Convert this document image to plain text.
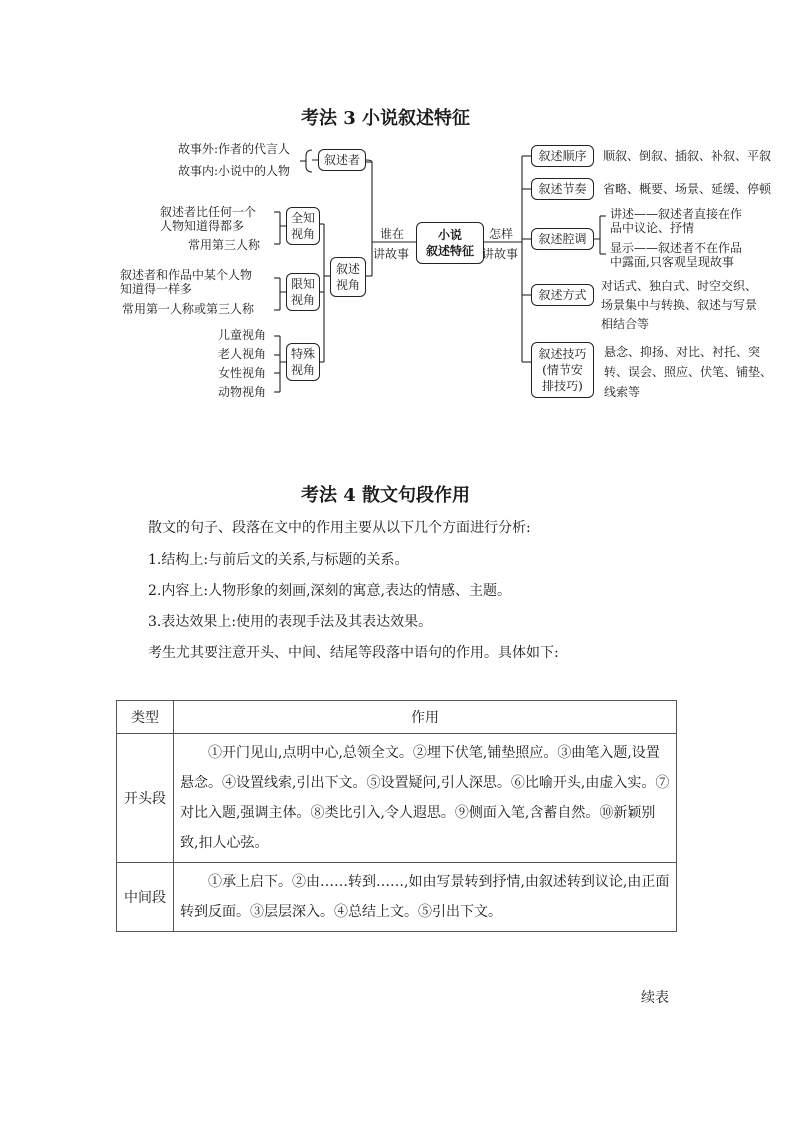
考法 3 小说叙述特征
小说
叙述特征
谁在
讲故事
怎样
讲故事
叙述者
故事外:作者的代言人
故事内:小说中的人物
叙述
视角
全知
视角
叙述者比任何一个
人物知道得都多
常用第三人称
限知
视角
叙述者和作品中某个人物
知道得一样多
常用第一人称或第三人称
特殊
视角
儿童视角
老人视角
女性视角
动物视角
叙述顺序 顺叙、倒叙、插叙、补叙、平叙
叙述节奏 省略、概要、场景、延缓、停顿
叙述腔调
讲述——叙述者直接在作
品中议论、抒情
显示——叙述者不在作品
中露面,只客观呈现故事
叙述方式
对话式、独白式、时空交织、
场景集中与转换、叙述与写景
相结合等
叙述技巧
(情节安
排技巧)
悬念、抑扬、对比、衬托、突
转、误会、照应、伏笔、铺垫、
线索等
考法 4 散文句段作用
散文的句子、段落在文中的作用主要从以下几个方面进行分析:
1.结构上:与前后文的关系,与标题的关系。
2.内容上:人物形象的刻画,深刻的寓意,表达的情感、主题。
3.表达效果上:使用的表现手法及其表达效果。
考生尤其要注意开头、中间、结尾等段落中语句的作用。具体如下:
类型	作用
开头段	①开门见山,点明中心,总领全文。②埋下伏笔,铺垫照应。③曲笔入题,设置悬念。④设置线索,引出下文。⑤设置疑问,引人深思。⑥比喻开头,由虚入实。⑦对比入题,强调主体。⑧类比引入,令人遐思。⑨侧面入笔,含蓄自然。⑩新颖别致,扣人心弦。
中间段	①承上启下。②由……转到……,如由写景转到抒情,由叙述转到议论,由正面转到反面。③层层深入。④总结上文。⑤引出下文。
续表
